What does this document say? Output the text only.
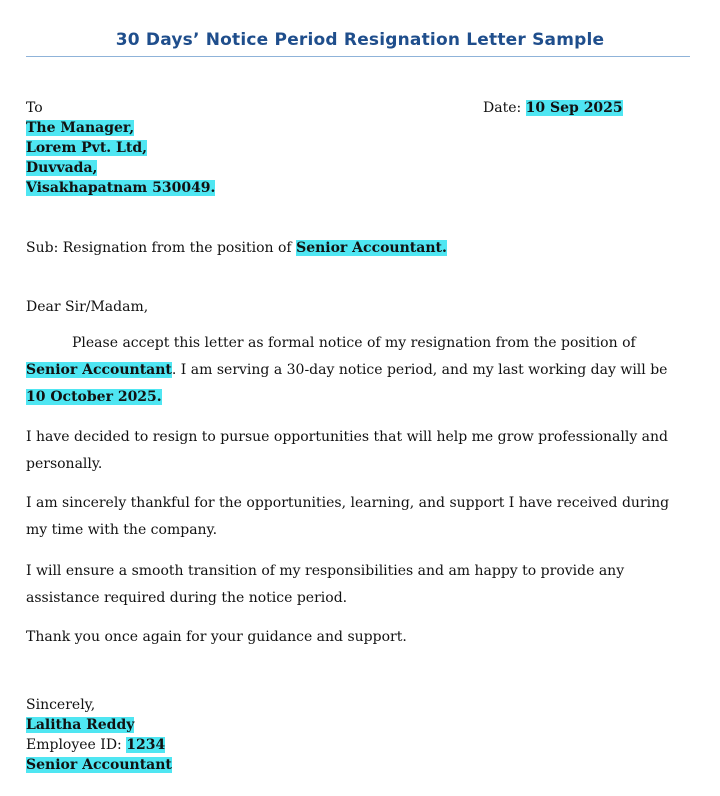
30 Days’ Notice Period Resignation Letter Sample
To
The Manager,
Lorem Pvt. Ltd,
Duvvada,
Visakhapatnam 530049.
Date: 10 Sep 2025
Sub: Resignation from the position of Senior Accountant.
Dear Sir/Madam,
Please accept this letter as formal notice of my resignation from the position of Senior Accountant. I am serving a 30-day notice period, and my last working day will be 10 October 2025.
I have decided to resign to pursue opportunities that will help me grow professionally and personally.
I am sincerely thankful for the opportunities, learning, and support I have received during my time with the company.
I will ensure a smooth transition of my responsibilities and am happy to provide any assistance required during the notice period.
Thank you once again for your guidance and support.
Sincerely,
Lalitha Reddy
Employee ID: 1234
Senior Accountant
